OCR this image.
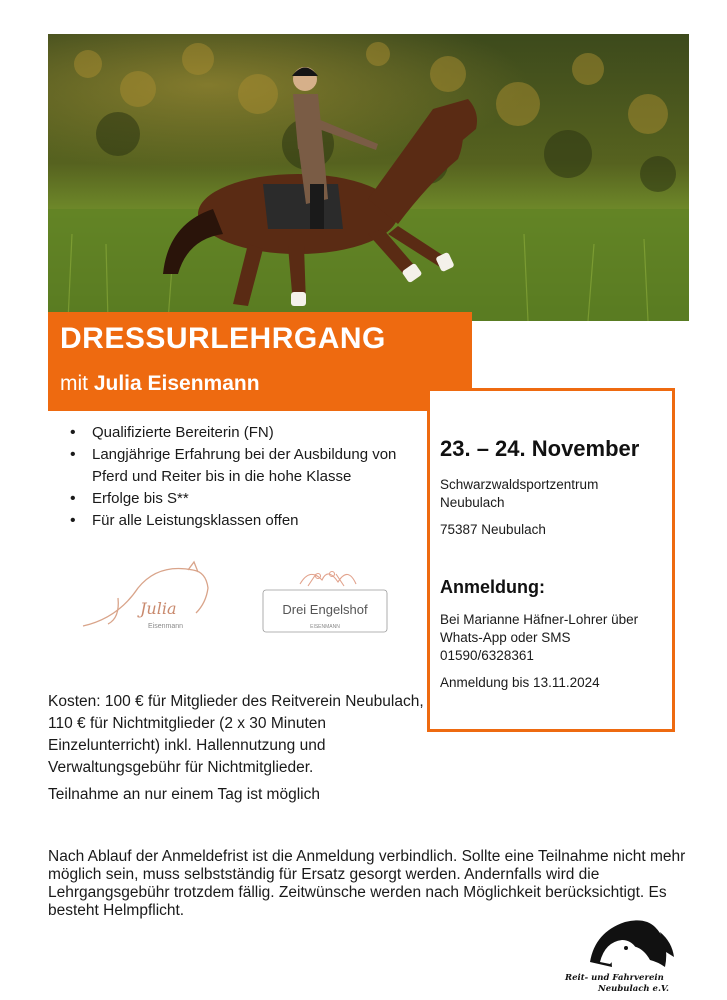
DRESSURLEHRGANG
mit Julia Eisenmann
23. – 24. November
Schwarzwaldsportzentrum
Neubulach
75387 Neubulach
Anmeldung:
Bei Marianne Häfner-Lohrer über
Whats-App oder SMS
01590/6328361
Anmeldung bis 13.11.2024
• Qualifizierte Bereiterin (FN)
• Langjährige Erfahrung bei der Ausbildung von Pferd und Reiter bis in die hohe Klasse
• Erfolge bis S**
• Für alle Leistungsklassen offen
Julia
Eisenmann
Drei Engelshof
EISENMANN
Kosten: 100 € für Mitglieder des Reitverein Neubulach, 110 € für Nichtmitglieder (2 x 30 Minuten Einzelunterricht) inkl. Hallennutzung und Verwaltungsgebühr für Nichtmitglieder.
Teilnahme an nur einem Tag ist möglich
Nach Ablauf der Anmeldefrist ist die Anmeldung verbindlich. Sollte eine Teilnahme nicht mehr möglich sein, muss selbstständig für Ersatz gesorgt werden. Andernfalls wird die Lehrgangsgebühr trotzdem fällig. Zeitwünsche werden nach Möglichkeit berücksichtigt. Es besteht Helmpflicht.
Reit- und Fahrverein
Neubulach e.V.
